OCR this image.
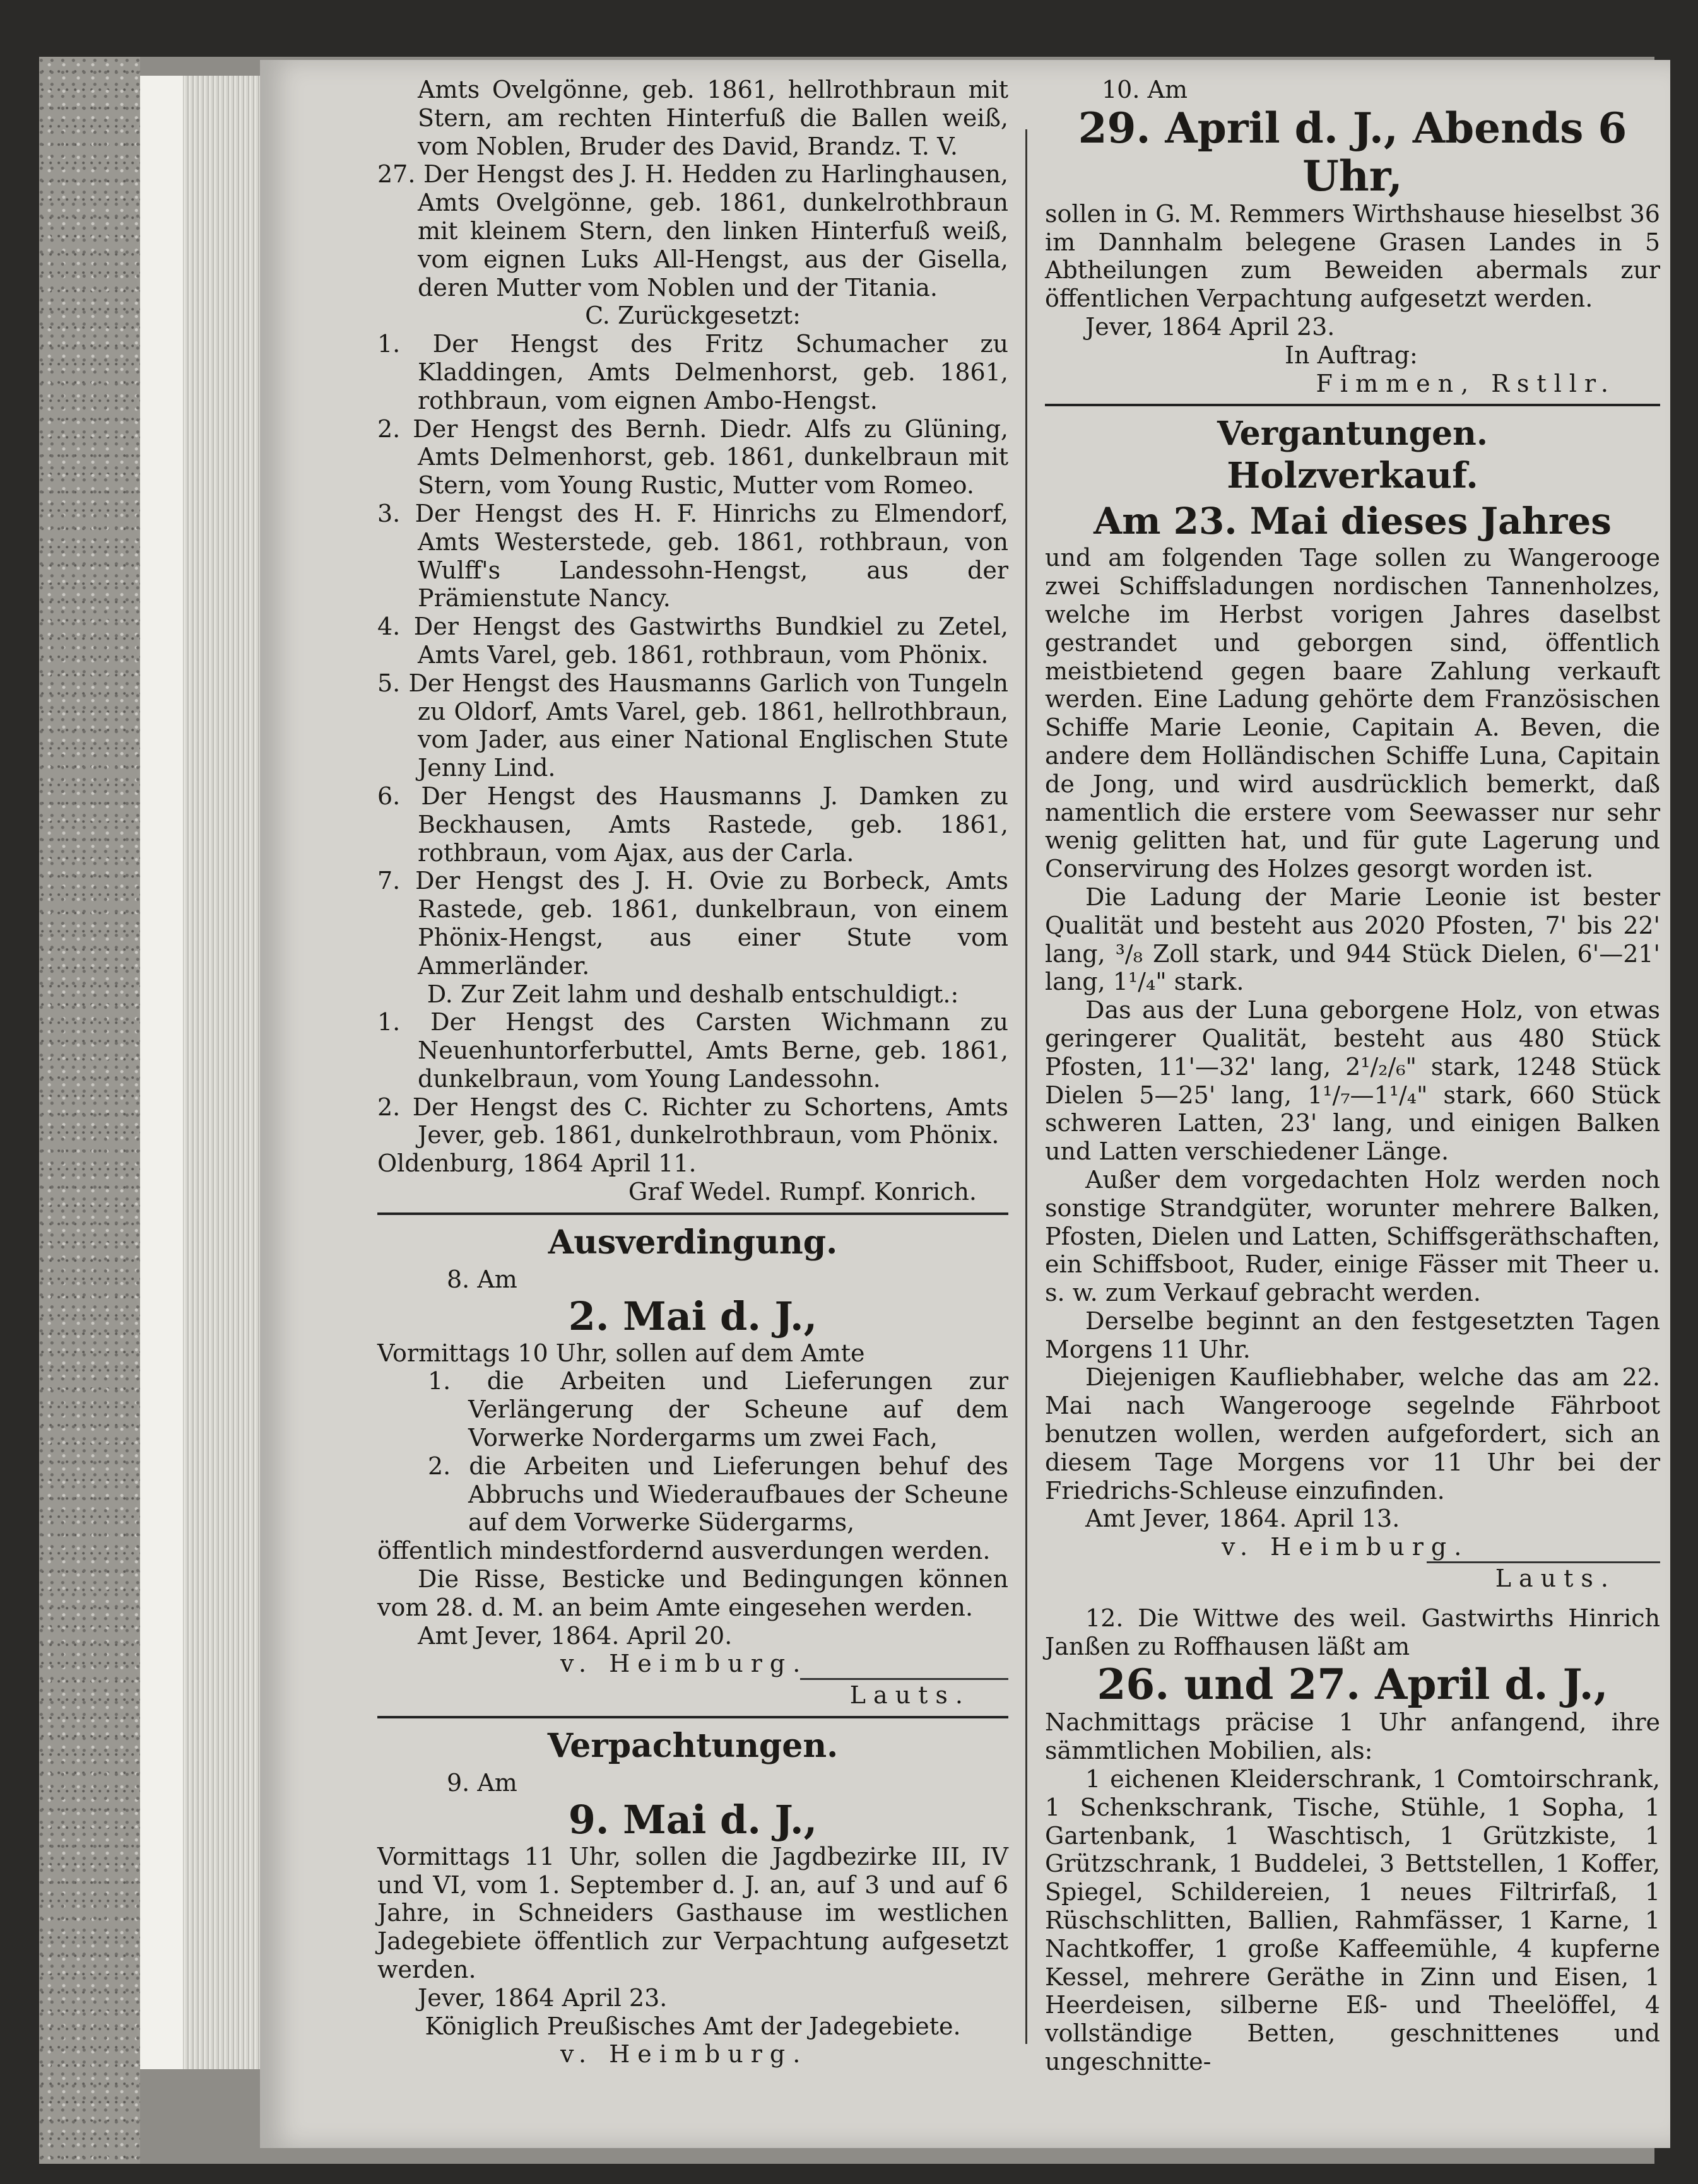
Amts Ovelgönne, geb. 1861, hellrothbraun mit Stern, am rechten Hinterfuß die Ballen weiß, vom Noblen, Bruder des David, Brandz. T. V.
27. Der Hengst des J. H. Hedden zu Harlinghausen, Amts Ovelgönne, geb. 1861, dunkelrothbraun mit kleinem Stern, den linken Hinterfuß weiß, vom eignen Luks All-Hengst, aus der Gisella, deren Mutter vom Noblen und der Titania.
C. Zurückgesetzt:
1. Der Hengst des Fritz Schumacher zu Kladdingen, Amts Delmenhorst, geb. 1861, rothbraun, vom eignen Ambo-Hengst.
2. Der Hengst des Bernh. Diedr. Alfs zu Glüning, Amts Delmenhorst, geb. 1861, dunkelbraun mit Stern, vom Young Rustic, Mutter vom Romeo.
3. Der Hengst des H. F. Hinrichs zu Elmendorf, Amts Westerstede, geb. 1861, rothbraun, von Wulff's Landessohn-Hengst, aus der Prämienstute Nancy.
4. Der Hengst des Gastwirths Bundkiel zu Zetel, Amts Varel, geb. 1861, rothbraun, vom Phönix.
5. Der Hengst des Hausmanns Garlich von Tungeln zu Oldorf, Amts Varel, geb. 1861, hellrothbraun, vom Jader, aus einer National Englischen Stute Jenny Lind.
6. Der Hengst des Hausmanns J. Damken zu Beckhausen, Amts Rastede, geb. 1861, rothbraun, vom Ajax, aus der Carla.
7. Der Hengst des J. H. Ovie zu Borbeck, Amts Rastede, geb. 1861, dunkelbraun, von einem Phönix-Hengst, aus einer Stute vom Ammerländer.
D. Zur Zeit lahm und deshalb entschuldigt.:
1. Der Hengst des Carsten Wichmann zu Neuenhuntorferbuttel, Amts Berne, geb. 1861, dunkelbraun, vom Young Landessohn.
2. Der Hengst des C. Richter zu Schortens, Amts Jever, geb. 1861, dunkelrothbraun, vom Phönix.
Oldenburg, 1864 April 11.
Graf Wedel. Rumpf. Konrich.
Ausverdingung.
8. Am
2. Mai d. J.,
Vormittags 10 Uhr, sollen auf dem Amte
1. die Arbeiten und Lieferungen zur Verlängerung der Scheune auf dem Vorwerke Nordergarms um zwei Fach,
2. die Arbeiten und Lieferungen behuf des Abbruchs und Wiederaufbaues der Scheune auf dem Vorwerke Südergarms,
öffentlich mindestfordernd ausverdungen werden.
Die Risse, Besticke und Bedingungen können vom 28. d. M. an beim Amte eingesehen werden.
Amt Jever, 1864. April 20.
v. Heimburg.
Lauts.
Verpachtungen.
9. Am
9. Mai d. J.,
Vormittags 11 Uhr, sollen die Jagdbezirke III, IV und VI, vom 1. September d. J. an, auf 3 und auf 6 Jahre, in Schneiders Gasthause im westlichen Jadegebiete öffentlich zur Verpachtung aufgesetzt werden.
Jever, 1864 April 23.
Königlich Preußisches Amt der Jadegebiete.
v. Heimburg.
10. Am
29. April d. J., Abends 6 Uhr,
sollen in G. M. Remmers Wirthshause hieselbst 36 im Dannhalm belegene Grasen Landes in 5 Abtheilungen zum Beweiden abermals zur öffentlichen Verpachtung aufgesetzt werden.
Jever, 1864 April 23.
In Auftrag:
Fimmen, Rstllr.
Vergantungen.
Holzverkauf.
Am 23. Mai dieses Jahres
und am folgenden Tage sollen zu Wangerooge zwei Schiffsladungen nordischen Tannenholzes, welche im Herbst vorigen Jahres daselbst gestrandet und geborgen sind, öffentlich meistbietend gegen baare Zahlung verkauft werden. Eine Ladung gehörte dem Französischen Schiffe Marie Leonie, Capitain A. Beven, die andere dem Holländischen Schiffe Luna, Capitain de Jong, und wird ausdrücklich bemerkt, daß namentlich die erstere vom Seewasser nur sehr wenig gelitten hat, und für gute Lagerung und Conservirung des Holzes gesorgt worden ist.
Die Ladung der Marie Leonie ist bester Qualität und besteht aus 2020 Pfosten, 7' bis 22' lang, ³/₈ Zoll stark, und 944 Stück Dielen, 6'—21' lang, 1¹/₄" stark.
Das aus der Luna geborgene Holz, von etwas geringerer Qualität, besteht aus 480 Stück Pfosten, 11'—32' lang, 2¹/₂/₆" stark, 1248 Stück Dielen 5—25' lang, 1¹/₇—1¹/₄" stark, 660 Stück schweren Latten, 23' lang, und einigen Balken und Latten verschiedener Länge.
Außer dem vorgedachten Holz werden noch sonstige Strandgüter, worunter mehrere Balken, Pfosten, Dielen und Latten, Schiffsgeräthschaften, ein Schiffsboot, Ruder, einige Fässer mit Theer u. s. w. zum Verkauf gebracht werden.
Derselbe beginnt an den festgesetzten Tagen Morgens 11 Uhr.
Diejenigen Kaufliebhaber, welche das am 22. Mai nach Wangerooge segelnde Fährboot benutzen wollen, werden aufgefordert, sich an diesem Tage Morgens vor 11 Uhr bei der Friedrichs-Schleuse einzufinden.
Amt Jever, 1864. April 13.
v. Heimburg.
Lauts.
12. Die Wittwe des weil. Gastwirths Hinrich Janßen zu Roffhausen läßt am
26. und 27. April d. J.,
Nachmittags präcise 1 Uhr anfangend, ihre sämmtlichen Mobilien, als:
1 eichenen Kleiderschrank, 1 Comtoirschrank, 1 Schenkschrank, Tische, Stühle, 1 Sopha, 1 Gartenbank, 1 Waschtisch, 1 Grützkiste, 1 Grützschrank, 1 Buddelei, 3 Bettstellen, 1 Koffer, Spiegel, Schildereien, 1 neues Filtrirfaß, 1 Rüschschlitten, Ballien, Rahmfässer, 1 Karne, 1 Nachtkoffer, 1 große Kaffeemühle, 4 kupferne Kessel, mehrere Geräthe in Zinn und Eisen, 1 Heerdeisen, silberne Eß- und Theelöffel, 4 vollständige Betten, geschnittenes und ungeschnitte-
